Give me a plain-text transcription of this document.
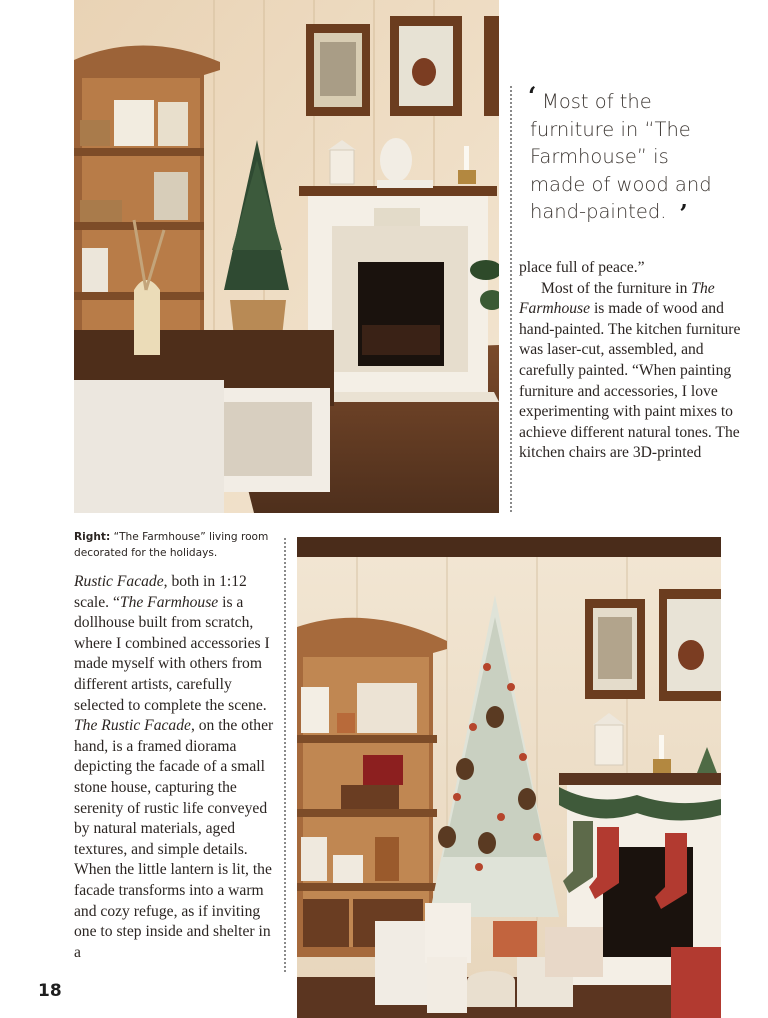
‘ Most of the furniture in “The Farmhouse” is made of wood and hand-painted. ’

place full of peace.”

Most of the furniture in The Farmhouse is made of wood and hand-painted. The kitchen furniture was laser-cut, assembled, and carefully painted. “When painting furniture and accessories, I love experimenting with paint mixes to achieve different natural tones. The kitchen chairs are 3D-printed

Right: “The Farmhouse” living room decorated for the holidays.

Rustic Facade, both in 1:12 scale. “The Farmhouse is a dollhouse built from scratch, where I combined accessories I made myself with others from different artists, carefully selected to complete the scene. The Rustic Facade, on the other hand, is a framed diorama depicting the facade of a small stone house, capturing the serenity of rustic life conveyed by natural materials, aged textures, and simple details. When the little lantern is lit, the facade transforms into a warm and cozy refuge, as if inviting one to step inside and shelter in a

18
